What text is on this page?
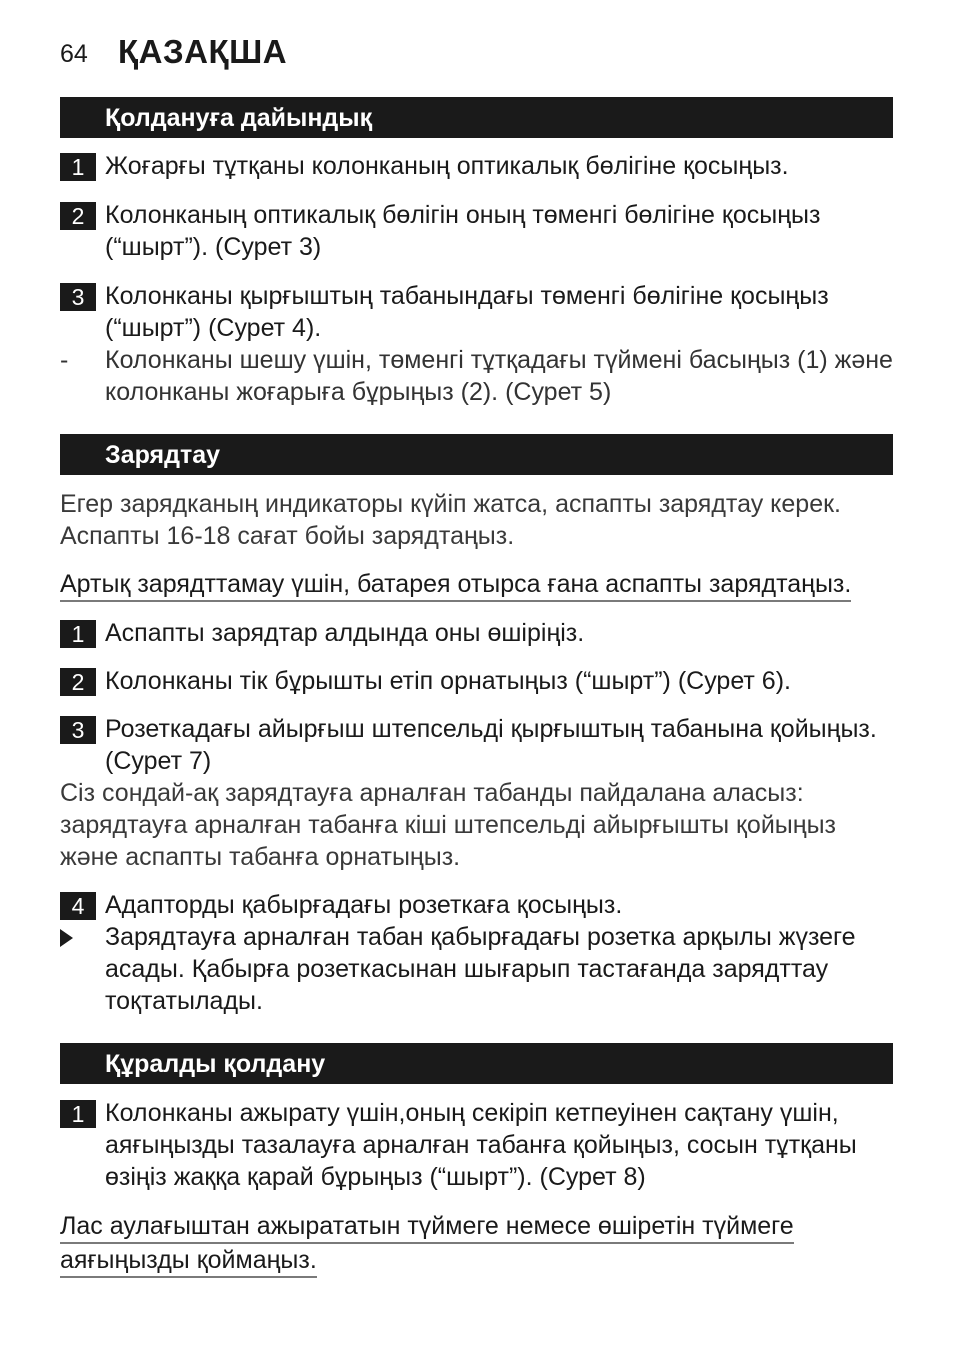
64 ҚАЗАҚША
Қолдануға дайындық
1 Жоғарғы тұтқаны колонканың оптикалық бөлігіне қосыңыз.
2 Колонканың оптикалық бөлігін оның төменгі бөлігіне қосыңыз (“шырт”). (Сурет 3)
3 Колонканы қырғыштың табанындағы төменгі бөлігіне қосыңыз (“шырт”) (Сурет 4).
- Колонканы шешу үшін, төменгі тұтқадағы түймені басыңыз (1) және колонканы жоғарыға бұрыңыз (2). (Сурет 5)
Зарядтау
Егер зарядканың индикаторы күйіп жатса, аспапты зарядтау керек. Аспапты 16-18 сағат бойы зарядтаңыз.
Артық зарядттамау үшін, батарея отырса ғана аспапты зарядтаңыз.
1 Аспапты зарядтар алдында оны өшіріңіз.
2 Колонканы тік бұрышты етіп орнатыңыз (“шырт”) (Сурет 6).
3 Розеткадағы айырғыш штепсельді қырғыштың табанына қойыңыз. (Сурет 7)
Сіз сондай-ақ зарядтауға арналған табанды пайдалана аласыз: зарядтауға арналған табанға кіші штепсельді айырғышты қойыңыз және аспапты табанға орнатыңыз.
4 Адапторды қабырғадағы розеткаға қосыңыз.
Зарядтауға арналған табан қабырғадағы розетка арқылы жүзеге асады. Қабырға розеткасынан шығарып тастағанда зарядттау тоқтатылады.
Құралды қолдану
1 Колонканы ажырату үшін,оның секіріп кетпеуінен сақтану үшін, аяғыңызды тазалауға арналған табанға қойыңыз, сосын тұтқаны өзіңіз жаққа қарай бұрыңыз (“шырт”). (Сурет 8)
Лас аулағыштан ажырататын түймеге немесе өшіретін түймеге
аяғыңызды қоймаңыз.
